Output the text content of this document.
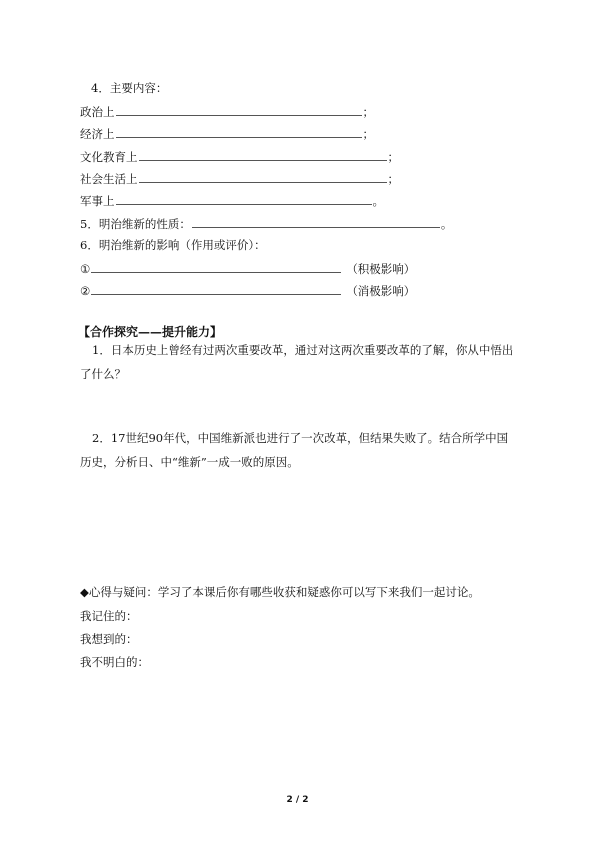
4．主要内容：
政治上	；
经济上	；
文化教育上	；
社会生活上	；
军事上	。
5．明治维新的性质：	。
6．明治维新的影响（作用或评价）：
①	（积极影响）
②	（消极影响）
【合作探究——提升能力】
1．日本历史上曾经有过两次重要改革，通过对这两次重要改革的了解，你从中悟出了什么？
2．17世纪90年代，中国维新派也进行了一次改革，但结果失败了。结合所学中国历史，分析日、中“维新”一成一败的原因。
◆心得与疑问：学习了本课后你有哪些收获和疑惑你可以写下来我们一起讨论。
我记住的：
我想到的：
我不明白的：
2 / 2
